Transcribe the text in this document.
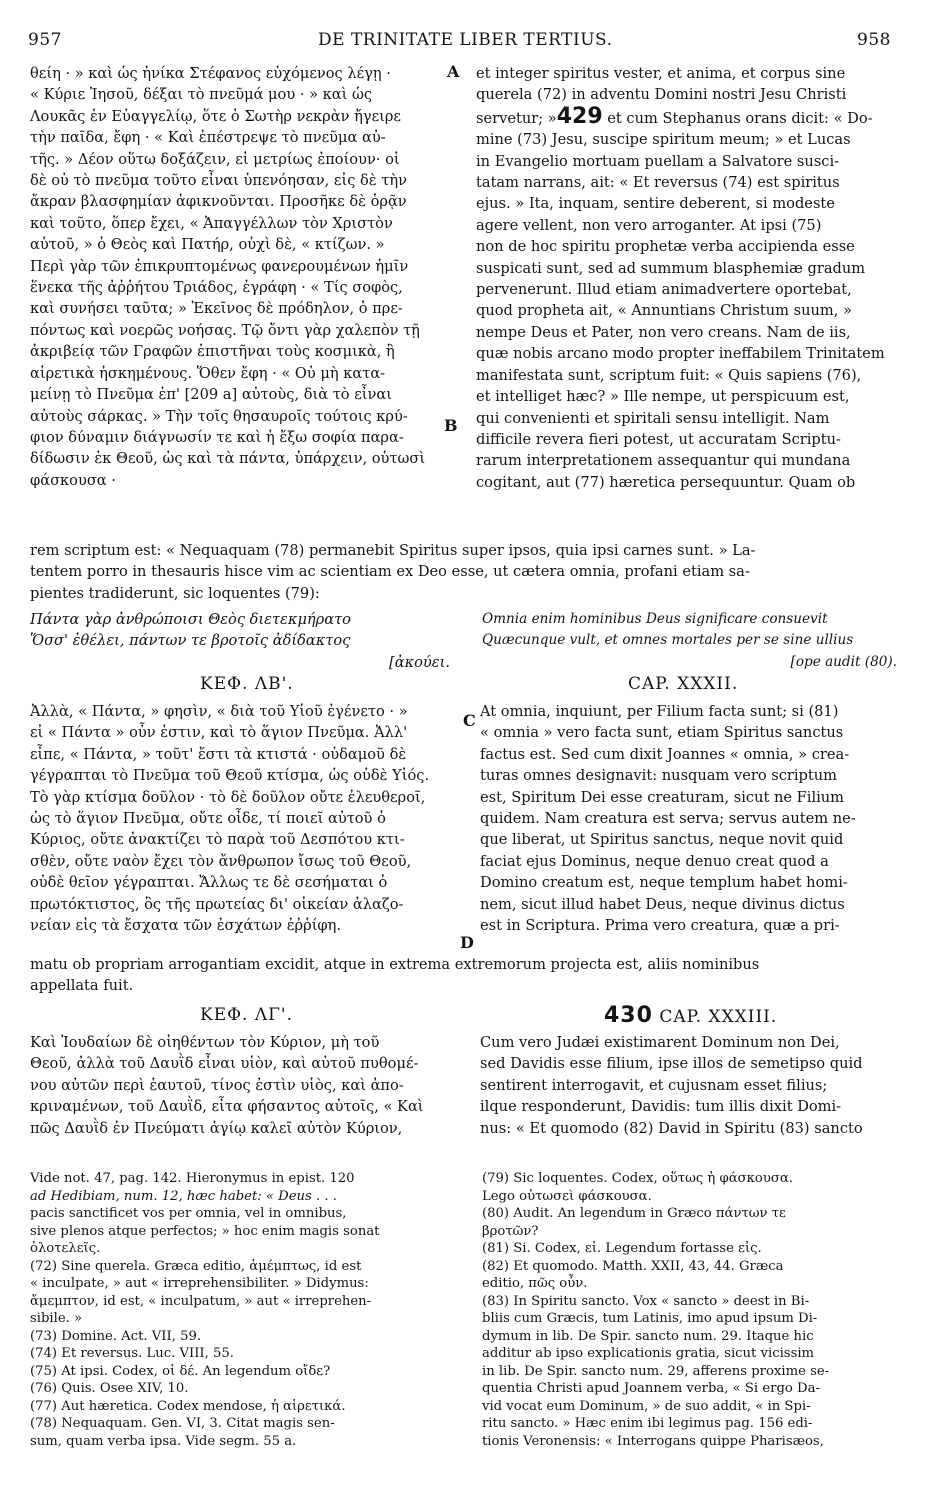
957	DE TRINITATE LIBER TERTIUS.	958
A
B
C
D

θείη · » καὶ ὡς ἡνίκα Στέφανος εὐχόμενος λέγῃ ·

« Κύριε Ἰησοῦ, δέξαι τὸ πνεῦμά μου · » καὶ ὡς

Λουκᾶς ἐν Εὐαγγελίῳ, ὅτε ὁ Σωτὴρ νεκρὰν ἤγειρε

τὴν παῖδα, ἔφη · « Καὶ ἐπέστρεψε τὸ πνεῦμα αὐ-

τῆς. » Δέον οὕτω δοξάζειν, εἰ μετρίως ἐποίουν· οἱ

δὲ οὐ τὸ πνεῦμα τοῦτο εἶναι ὑπενόησαν, εἰς δὲ τὴν

ἄκραν βλασφημίαν ἀφικνοῦνται. Προσῆκε δὲ ὁρᾷν

καὶ τοῦτο, ὅπερ ἔχει, « Ἀπαγγέλλων τὸν Χριστὸν

αὐτοῦ, » ὁ Θεὸς καὶ Πατήρ, οὐχὶ δὲ, « κτίζων. »

Περὶ γὰρ τῶν ἐπικρυπτομένως φανερουμένων ἡμῖν

ἕνεκα τῆς ἀῤῥήτου Τριάδος, ἐγράφη · « Τίς σοφὸς,

καὶ συνήσει ταῦτα; » Ἐκεῖνος δὲ πρόδηλον, ὁ πρε-

πόντως καὶ νοερῶς νοήσας. Τῷ ὄντι γὰρ χαλεπὸν τῇ

ἀκριβείᾳ τῶν Γραφῶν ἐπιστῆναι τοὺς κοσμικὰ, ἢ

αἱρετικὰ ἠσκημένους. Ὅθεν ἔφη · « Οὐ μὴ κατα-

μείνῃ τὸ Πνεῦμα ἐπ' [209 a] αὐτοὺς, διὰ τὸ εἶναι

αὐτοὺς σάρκας. » Τὴν τοῖς θησαυροῖς τούτοις κρύ-

φιον δύναμιν διάγνωσίν τε καὶ ἡ ἔξω σοφία παρα-

δίδωσιν ἐκ Θεοῦ, ὡς καὶ τὰ πάντα, ὑπάρχειν, οὑτωσὶ

φάσκουσα ·

et integer spiritus vester, et anima, et corpus sine

querela (72) in adventu Domini nostri Jesu Christi

servetur; »429 et cum Stephanus orans dicit: « Do-

mine (73) Jesu, suscipe spiritum meum; » et Lucas

in Evangelio mortuam puellam a Salvatore susci-

tatam narrans, ait: « Et reversus (74) est spiritus

ejus. » Ita, inquam, sentire deberent, si modeste

agere vellent, non vero arroganter. At ipsi (75)

non de hoc spiritu prophetæ verba accipienda esse

suspicati sunt, sed ad summum blasphemiæ gradum

pervenerunt. Illud etiam animadvertere oportebat,

quod propheta ait, « Annuntians Christum suum, »

nempe Deus et Pater, non vero creans. Nam de iis,

quæ nobis arcano modo propter ineffabilem Trinitatem

manifestata sunt, scriptum fuit: « Quis sapiens (76),

et intelliget hæc? » Ille nempe, ut perspicuum est,

qui convenienti et spiritali sensu intelligit. Nam

difficile revera fieri potest, ut accuratam Scriptu-

rarum interpretationem assequantur qui mundana

cogitant, aut (77) hæretica persequuntur. Quam ob

rem scriptum est: « Nequaquam (78) permanebit Spiritus super ipsos, quia ipsi carnes sunt. » La-

tentem porro in thesauris hisce vim ac scientiam ex Deo esse, ut cætera omnia, profani etiam sa-

pientes tradiderunt, sic loquentes (79):

Πάντα γὰρ ἀνθρώποισι Θεὸς διετεκμήρατο

Ὅσσ' ἐθέλει, πάντων τε βροτοῖς ἀδίδακτος

[ἀκούει.

Omnia enim hominibus Deus significare consuevit

Quæcunque vult, et omnes mortales per se sine ullius

[ope audit (80).

ΚΕΦ. ΛΒ'.	CAP. XXXII.

Ἀλλὰ, « Πάντα, » φησὶν, « διὰ τοῦ Υἱοῦ ἐγένετο · »

εἰ « Πάντα » οὖν ἐστιν, καὶ τὸ ἅγιον Πνεῦμα. Ἀλλ'

εἶπε, « Πάντα, » τοῦτ' ἔστι τὰ κτιστά · οὐδαμοῦ δὲ

γέγραπται τὸ Πνεῦμα τοῦ Θεοῦ κτίσμα, ὡς οὐδὲ Υἱός.

Τὸ γὰρ κτίσμα δοῦλον · τὸ δὲ δοῦλον οὔτε ἐλευθεροῖ,

ὡς τὸ ἅγιον Πνεῦμα, οὔτε οἶδε, τί ποιεῖ αὐτοῦ ὁ

Κύριος, οὔτε ἀνακτίζει τὸ παρὰ τοῦ Δεσπότου κτι-

σθὲν, οὔτε ναὸν ἔχει τὸν ἄνθρωπον ἴσως τοῦ Θεοῦ,

οὐδὲ θεῖον γέγραπται. Ἄλλως τε δὲ σεσήμαται ὁ

πρωτόκτιστος, ὃς τῆς πρωτείας δι' οἰκείαν ἀλαζο-

νείαν εἰς τὰ ἔσχατα τῶν ἐσχάτων ἐῤῥίφη.

At omnia, inquiunt, per Filium facta sunt; si (81)

« omnia » vero facta sunt, etiam Spiritus sanctus

factus est. Sed cum dixit Joannes « omnia, » crea-

turas omnes designavit: nusquam vero scriptum

est, Spiritum Dei esse creaturam, sicut ne Filium

quidem. Nam creatura est serva; servus autem ne-

que liberat, ut Spiritus sanctus, neque novit quid

faciat ejus Dominus, neque denuo creat quod a

Domino creatum est, neque templum habet homi-

nem, sicut illud habet Deus, neque divinus dictus

est in Scriptura. Prima vero creatura, quæ a pri-

matu ob propriam arrogantiam excidit, atque in extrema extremorum projecta est, aliis nominibus

appellata fuit.

ΚΕΦ. ΛΓ'.	430 CAP. XXXIII.

Καὶ Ἰουδαίων δὲ οἰηθέντων τὸν Κύριον, μὴ τοῦ

Θεοῦ, ἀλλὰ τοῦ Δαυῒδ εἶναι υἱὸν, καὶ αὐτοῦ πυθομέ-

νου αὐτῶν περὶ ἑαυτοῦ, τίνος ἐστὶν υἱὸς, καὶ ἀπο-

κριναμένων, τοῦ Δαυῒδ, εἶτα φήσαντος αὐτοῖς, « Καὶ

πῶς Δαυῒδ ἐν Πνεύματι ἁγίῳ καλεῖ αὐτὸν Κύριον,

Cum vero Judæi existimarent Dominum non Dei,

sed Davidis esse filium, ipse illos de semetipso quid

sentirent interrogavit, et cujusnam esset filius;

ilque responderunt, Davidis: tum illis dixit Domi-

nus: « Et quomodo (82) David in Spiritu (83) sancto

Vide not. 47, pag. 142. Hieronymus in epist. 120

ad Hedibiam, num. 12, hæc habet: « Deus . . .

pacis sanctificet vos per omnia, vel in omnibus,

sive plenos atque perfectos; » hoc enim magis sonat

ὁλοτελεῖς.

(72) Sine querela. Græca editio, ἀμέμπτως, id est

« inculpate, » aut « irreprehensibiliter. » Didymus:

ἄμεμπτον, id est, « inculpatum, » aut « irreprehen-

sibile. »

(73) Domine. Act. VII, 59.

(74) Et reversus. Luc. VIII, 55.

(75) At ipsi. Codex, οἱ δέ. An legendum οἴδε?

(76) Quis. Osee XIV, 10.

(77) Aut hæretica. Codex mendose, ἡ αἱρετικά.

(78) Nequaquam. Gen. VI, 3. Citat magis sen-

sum, quam verba ipsa. Vide segm. 55 a.

(79) Sic loquentes. Codex, οὕτως ἡ φάσκουσα.

Lego οὑτωσεὶ φάσκουσα.

(80) Audit. An legendum in Græco πάντων τε

βροτῶν?

(81) Si. Codex, εἰ. Legendum fortasse εἰς.

(82) Et quomodo. Matth. XXII, 43, 44. Græca

editio, πῶς οὖν.

(83) In Spiritu sancto. Vox « sancto » deest in Bi-

bliis cum Græcis, tum Latinis, imo apud ipsum Di-

dymum in lib. De Spir. sancto num. 29. Itaque hic

additur ab ipso explicationis gratia, sicut vicissim

in lib. De Spir. sancto num. 29, afferens proxime se-

quentia Christi apud Joannem verba, « Si ergo Da-

vid vocat eum Dominum, » de suo addit, « in Spi-

ritu sancto. » Hæc enim ibi legimus pag. 156 edi-

tionis Veronensis: « Interrogans quippe Pharisæos,
